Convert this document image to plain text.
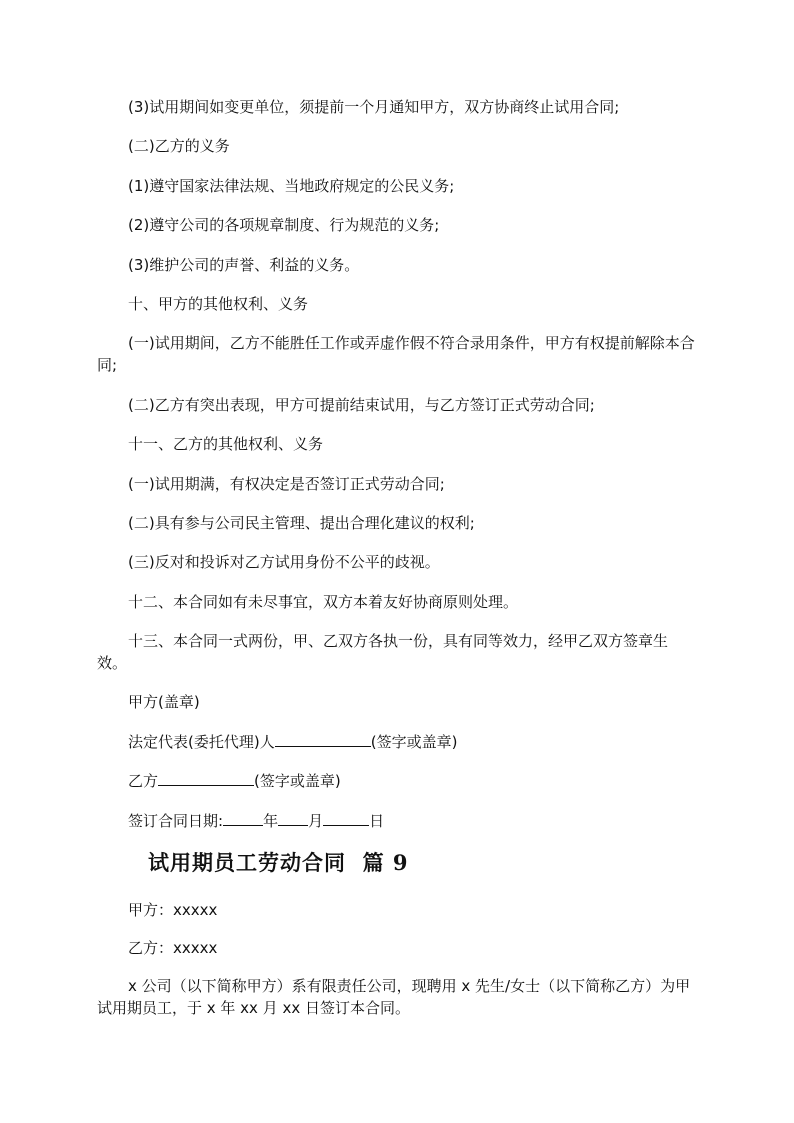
(3)试用期间如变更单位，须提前一个月通知甲方，双方协商终止试用合同;

(二)乙方的义务

(1)遵守国家法律法规、当地政府规定的公民义务;

(2)遵守公司的各项规章制度、行为规范的义务;

(3)维护公司的声誉、利益的义务。

十、甲方的其他权利、义务

(一)试用期间，乙方不能胜任工作或弄虚作假不符合录用条件，甲方有权提前解除本合同;

(二)乙方有突出表现，甲方可提前结束试用，与乙方签订正式劳动合同;

十一、乙方的其他权利、义务

(一)试用期满，有权决定是否签订正式劳动合同;

(二)具有参与公司民主管理、提出合理化建议的权利;

(三)反对和投诉对乙方试用身份不公平的歧视。

十二、本合同如有未尽事宜，双方本着友好协商原则处理。

十三、本合同一式两份，甲、乙双方各执一份，具有同等效力，经甲乙双方签章生效。

甲方(盖章)

法定代表(委托代理)人	(签字或盖章)

乙方	(签字或盖章)

签订合同日期:	年 月	日

试用期员工劳动合同  篇 9

甲方：xxxxx

乙方：xxxxx

x 公司（以下简称甲方）系有限责任公司，现聘用 x 先生/女士（以下简称乙方）为甲试用期员工，于 x 年 xx 月 xx 日签订本合同。
